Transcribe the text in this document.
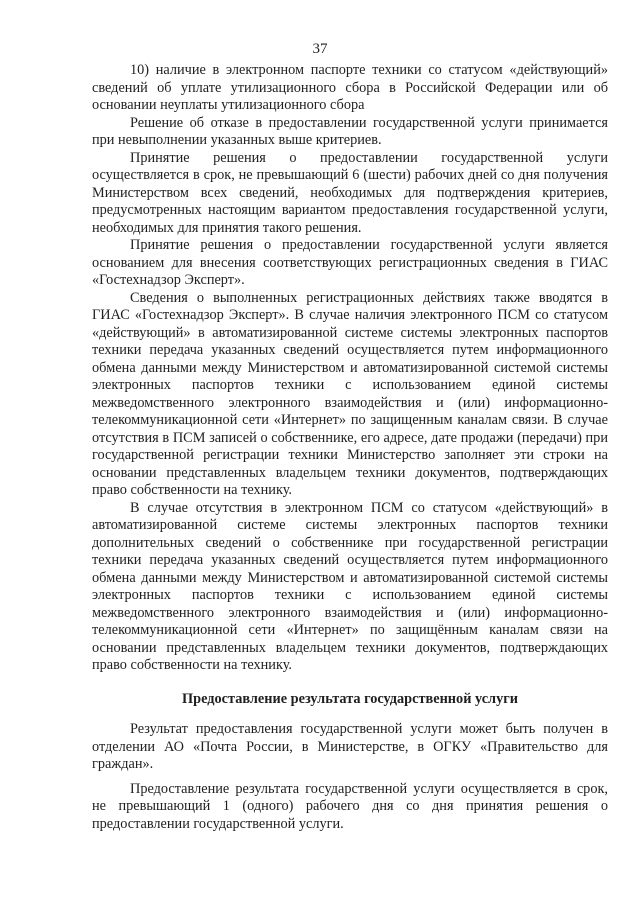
37

10) наличие в электронном паспорте техники со статусом «действующий» сведений об уплате утилизационного сбора в Российской Федерации или об основании неуплаты утилизационного сбора

Решение об отказе в предоставлении государственной услуги принимается при невыполнении указанных выше критериев.

Принятие решения о предоставлении государственной услуги осуществляется в срок, не превышающий 6 (шести) рабочих дней со дня получения Министерством всех сведений, необходимых для подтверждения критериев, предусмотренных настоящим вариантом предоставления государственной услуги, необходимых для принятия такого решения.

Принятие решения о предоставлении государственной услуги является основанием для внесения соответствующих регистрационных сведения в ГИАС «Гостехнадзор Эксперт».

Сведения о выполненных регистрационных действиях также вводятся в ГИАС «Гостехнадзор Эксперт». В случае наличия электронного ПСМ со статусом «действующий» в автоматизированной системе системы электронных паспортов техники передача указанных сведений осуществляется путем информационного обмена данными между Министерством и автоматизированной системой системы электронных паспортов техники с использованием единой системы межведомственного электронного взаимодействия и (или) информационно-телекоммуникационной сети «Интернет» по защищенным каналам связи. В случае отсутствия в ПСМ записей о собственнике, его адресе, дате продажи (передачи) при государственной регистрации техники Министерство заполняет эти строки на основании представленных владельцем техники документов, подтверждающих право собственности на технику.

В случае отсутствия в электронном ПСМ со статусом «действующий» в автоматизированной системе системы электронных паспортов техники дополнительных сведений о собственнике при государственной регистрации техники передача указанных сведений осуществляется путем информационного обмена данными между Министерством и автоматизированной системой системы электронных паспортов техники с использованием единой системы межведомственного электронного взаимодействия и (или) информационно-телекоммуникационной сети «Интернет» по защищённым каналам связи на основании представленных владельцем техники документов, подтверждающих право собственности на технику.

Предоставление результата государственной услуги

Результат предоставления государственной услуги может быть получен в отделении АО «Почта России, в Министерстве, в ОГКУ «Правительство для граждан».

Предоставление результата государственной услуги осуществляется в срок, не превышающий 1 (одного) рабочего дня со дня принятия решения о предоставлении государственной услуги.
